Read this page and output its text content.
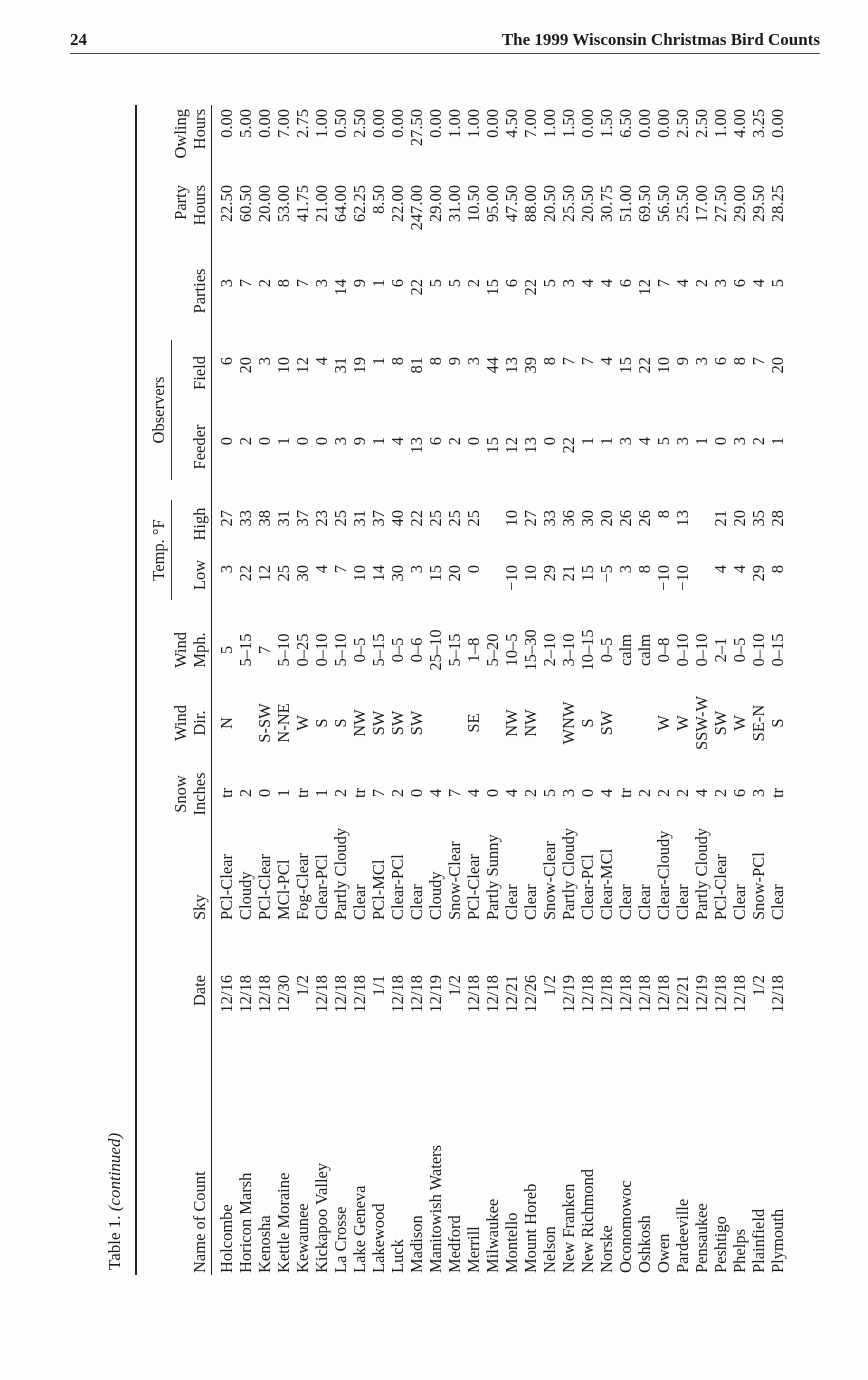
24	The 1999 Wisconsin Christmas Bird Counts
Table 1. (continued)
Temp. °F
Observers
Name of Count
Date
Sky
Snow Inches
Wind Dir.
Wind Mph.
Low
High
Feeder
Field
Parties
Party Hours
Owling Hours
Holcombe
12/16
PCl-Clear
tr
N
5
3
27
0
6
3
22.50
0.00
Horicon Marsh
12/18
Cloudy
2
5–15
22
33
2
20
7
60.50
5.00
Kenosha
12/18
PCl-Clear
0
S-SW
7
12
38
0
3
2
20.00
0.00
Kettle Moraine
12/30
MCl-PCl
1
N-NE
5–10
25
31
1
10
8
53.00
7.00
Kewaunee
1/2
Fog-Clear
tr
W
0–25
30
37
0
12
7
41.75
2.75
Kickapoo Valley
12/18
Clear-PCl
1
S
0–10
4
23
0
4
3
21.00
1.00
La Crosse
12/18
Partly Cloudy
2
S
5–10
7
25
3
31
14
64.00
0.50
Lake Geneva
12/18
Clear
tr
NW
0–5
10
31
9
19
9
62.25
2.50
Lakewood
1/1
PCl-MCl
7
SW
5–15
14
37
1
1
1
8.50
0.00
Luck
12/18
Clear-PCl
2
SW
0–5
30
40
4
8
6
22.00
0.00
Madison
12/18
Clear
0
SW
0–6
3
22
13
81
22
247.00
27.50
Manitowish Waters
12/19
Cloudy
4
25–10
15
25
6
8
5
29.00
0.00
Medford
1/2
Snow-Clear
7
5–15
20
25
2
9
5
31.00
1.00
Merrill
12/18
PCl-Clear
4
SE
1–8
0
25
0
3
2
10.50
1.00
Milwaukee
12/18
Partly Sunny
0
5–20
15
44
15
95.00
0.00
Montello
12/21
Clear
4
NW
10–5
−10
10
12
13
6
47.50
4.50
Mount Horeb
12/26
Clear
2
NW
15–30
10
27
13
39
22
88.00
7.00
Nelson
1/2
Snow-Clear
5
2–10
29
33
0
8
5
20.50
1.00
New Franken
12/19
Partly Cloudy
3
WNW
3–10
21
36
22
7
3
25.50
1.50
New Richmond
12/18
Clear-PCl
0
S
10–15
15
30
1
7
4
20.50
0.00
Norske
12/18
Clear-MCl
4
SW
0–5
−5
20
1
4
4
30.75
1.50
Oconomowoc
12/18
Clear
tr
calm
3
26
3
15
6
51.00
6.50
Oshkosh
12/18
Clear
2
calm
8
26
4
22
12
69.50
0.00
Owen
12/18
Clear-Cloudy
2
W
0–8
−10
8
5
10
7
56.50
0.00
Pardeeville
12/21
Clear
2
W
0–10
−10
13
3
9
4
25.50
2.50
Pensaukee
12/19
Partly Cloudy
4
SSW-W
0–10
1
3
2
17.00
2.50
Peshtigo
12/18
PCl-Clear
2
SW
2–1
4
21
0
6
3
27.50
1.00
Phelps
12/18
Clear
6
W
0–5
4
20
3
8
6
29.00
4.00
Plainfield
1/2
Snow-PCl
3
SE-N
0–10
29
35
2
7
4
29.50
3.25
Plymouth
12/18
Clear
tr
S
0–15
8
28
1
20
5
28.25
0.00
